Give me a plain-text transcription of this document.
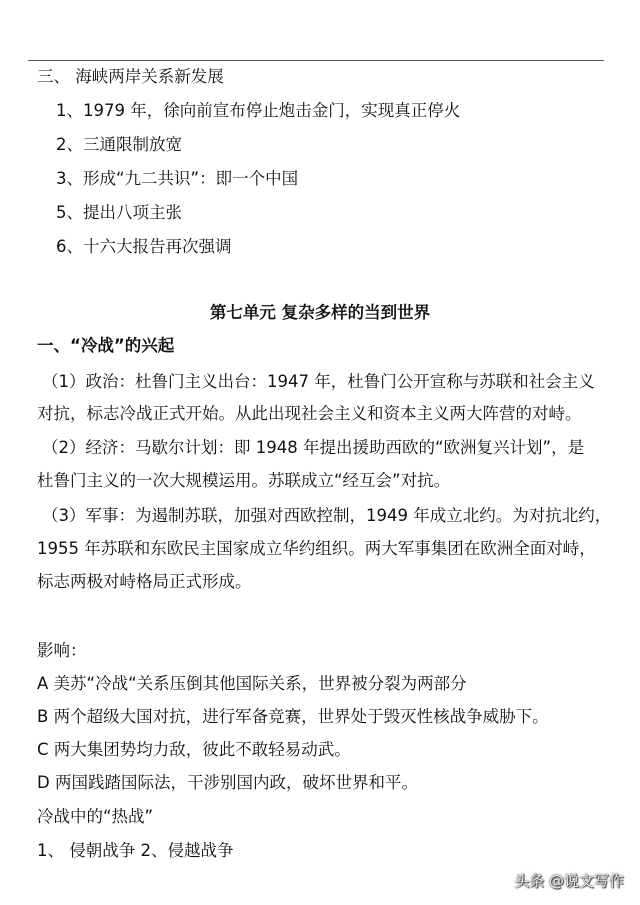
三、 海峡两岸关系新发展
1、1979 年，徐向前宣布停止炮击金门，实现真正停火
2、三通限制放宽
3、形成“九二共识”：即一个中国
5、提出八项主张
6、十六大报告再次强调
第七单元 复杂多样的当到世界
一、“冷战”的兴起
（1）政治：杜鲁门主义出台：1947 年，杜鲁门公开宣称与苏联和社会主义
对抗，标志冷战正式开始。从此出现社会主义和资本主义两大阵营的对峙。
（2）经济：马歇尔计划：即 1948 年提出援助西欧的“欧洲复兴计划”，是
杜鲁门主义的一次大规模运用。苏联成立“经互会”对抗。
（3）军事：为遏制苏联，加强对西欧控制，1949 年成立北约。为对抗北约，
1955 年苏联和东欧民主国家成立华约组织。两大军事集团在欧洲全面对峙，
标志两极对峙格局正式形成。
影响：
A 美苏“冷战“关系压倒其他国际关系，世界被分裂为两部分
B 两个超级大国对抗，进行军备竞赛，世界处于毁灭性核战争威胁下。
C 两大集团势均力敌，彼此不敢轻易动武。
D 两国践踏国际法，干涉别国内政，破坏世界和平。
冷战中的“热战”
1、 侵朝战争 2、侵越战争
头条 @说文写作
